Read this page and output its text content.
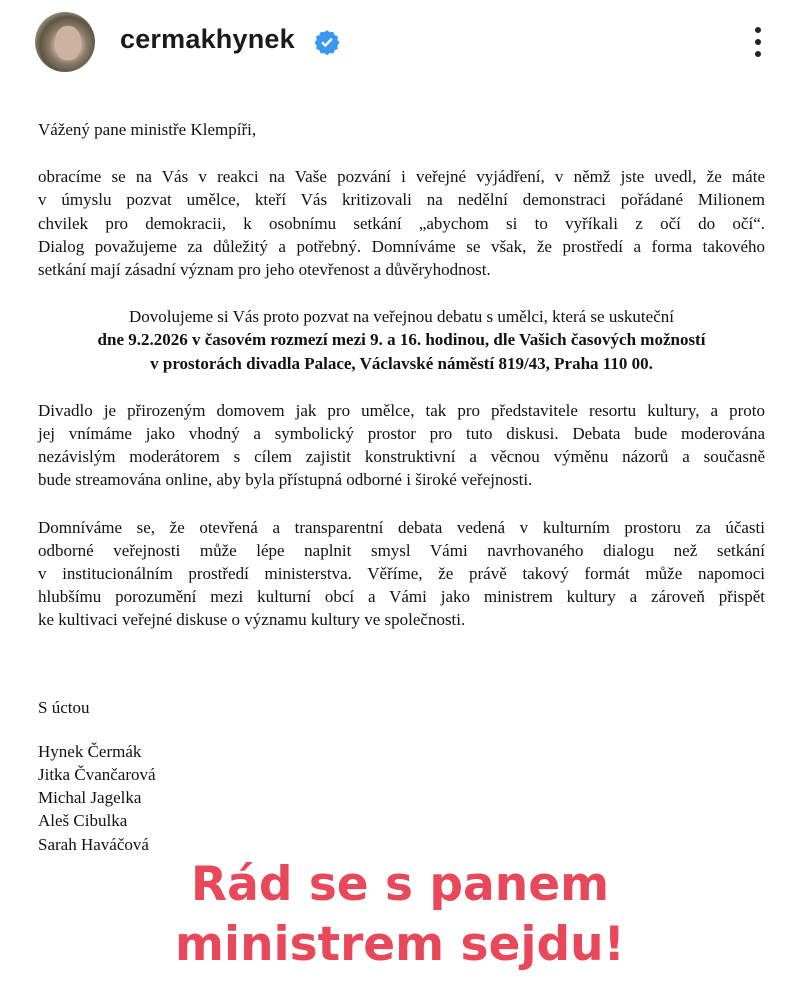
cermakhynek
Vážený pane ministře Klempíři,
obracíme se na Vás v reakci na Vaše pozvání i veřejné vyjádření, v němž jste uvedl, že máte
v úmyslu pozvat umělce, kteří Vás kritizovali na nedělní demonstraci pořádané Milionem
chvilek pro demokracii, k osobnímu setkání „abychom si to vyříkali z očí do očí“.
Dialog považujeme za důležitý a potřebný. Domníváme se však, že prostředí a forma takového
setkání mají zásadní význam pro jeho otevřenost a důvěryhodnost.
Dovolujeme si Vás proto pozvat na veřejnou debatu s umělci, která se uskuteční
dne 9.2.2026 v časovém rozmezí mezi 9. a 16. hodinou, dle Vašich časových možností
v prostorách divadla Palace, Václavské náměstí 819/43, Praha 110 00.
Divadlo je přirozeným domovem jak pro umělce, tak pro představitele resortu kultury, a proto
jej vnímáme jako vhodný a symbolický prostor pro tuto diskusi. Debata bude moderována
nezávislým moderátorem s cílem zajistit konstruktivní a věcnou výměnu názorů a současně
bude streamována online, aby byla přístupná odborné i široké veřejnosti.
Domníváme se, že otevřená a transparentní debata vedená v kulturním prostoru za účasti
odborné veřejnosti může lépe naplnit smysl Vámi navrhovaného dialogu než setkání
v institucionálním prostředí ministerstva. Věříme, že právě takový formát může napomoci
hlubšímu porozumění mezi kulturní obcí a Vámi jako ministrem kultury a zároveň přispět
ke kultivaci veřejné diskuse o významu kultury ve společnosti.
S úctou
Hynek Čermák
Jitka Čvančarová
Michal Jagelka
Aleš Cibulka
Sarah Haváčová
Rád se s panem
ministrem sejdu!
